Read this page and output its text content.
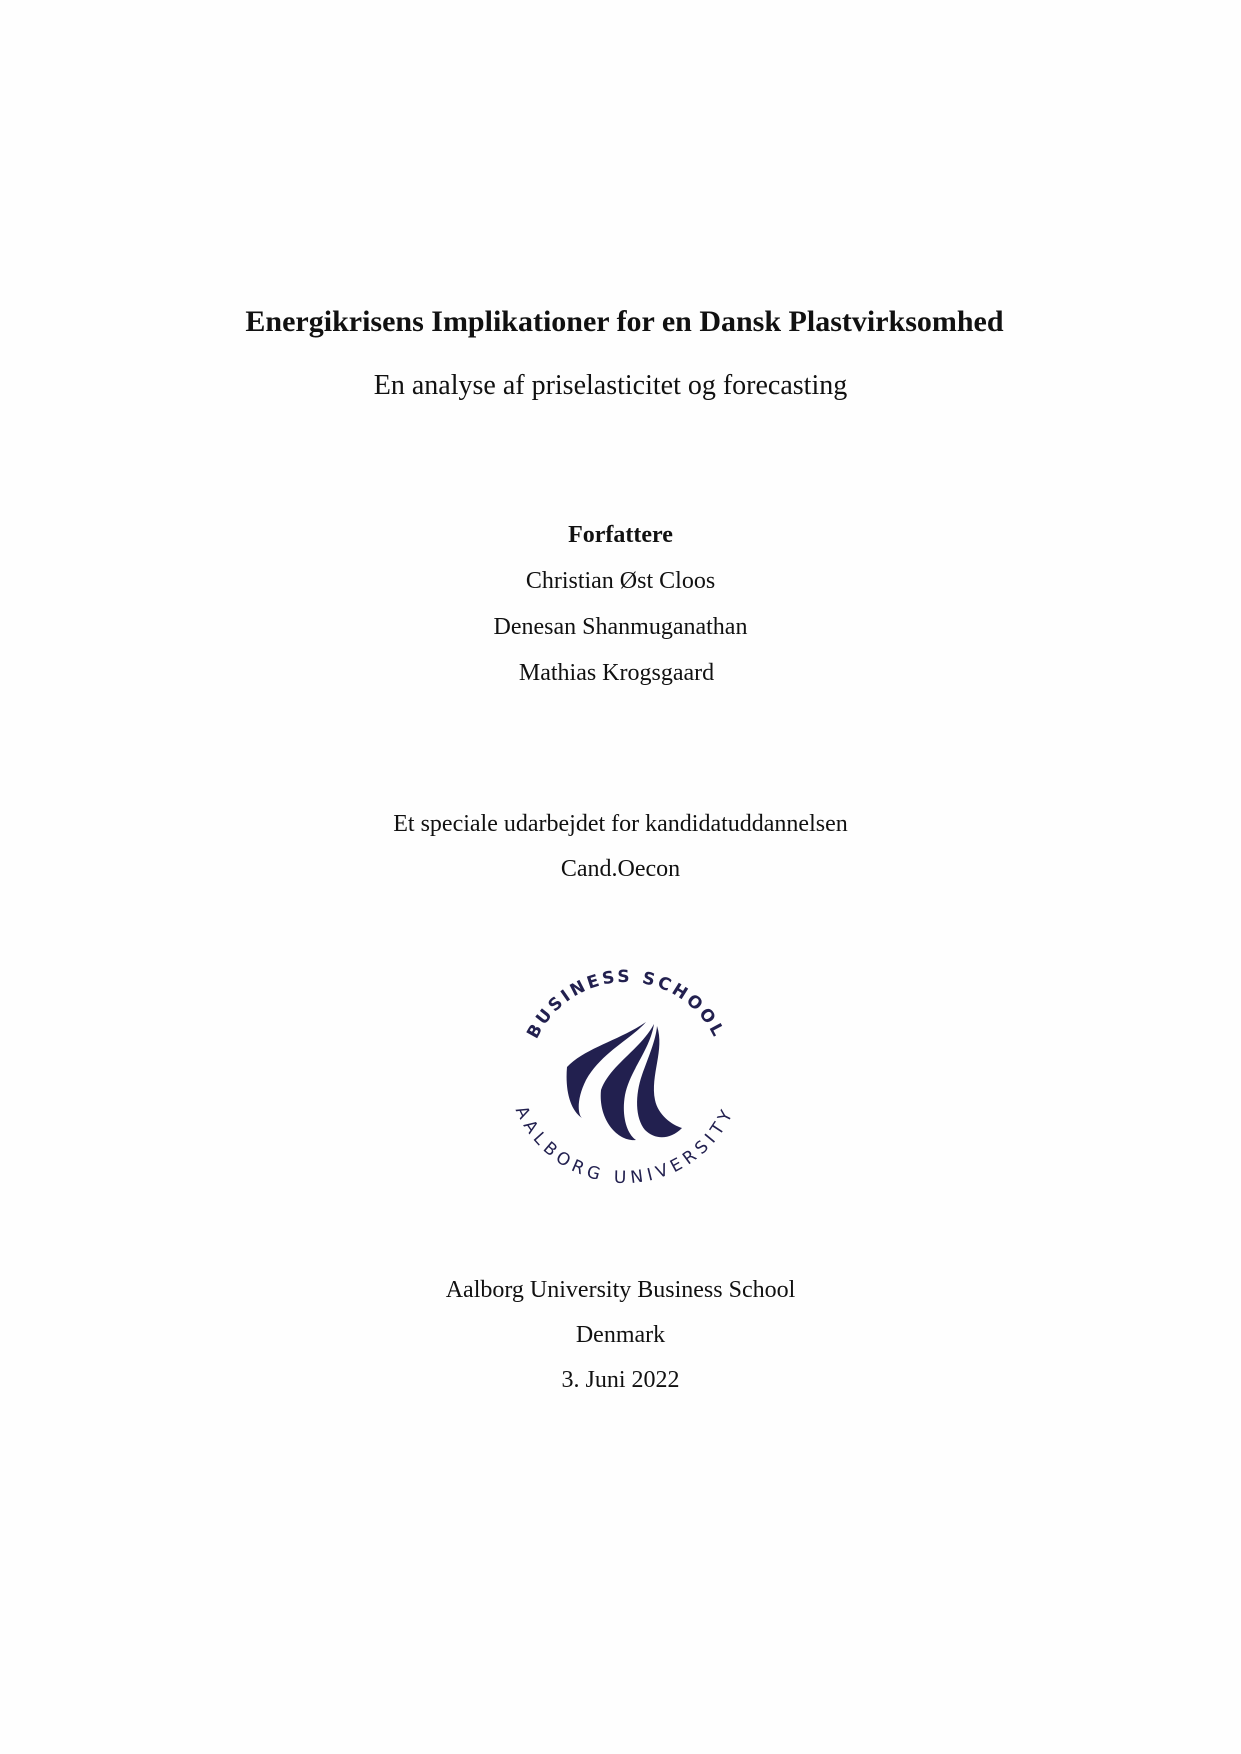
Energikrisens Implikationer for en Dansk Plastvirksomhed
En analyse af priselasticitet og forecasting
Forfattere
Christian Øst Cloos
Denesan Shanmuganathan
Mathias Krogsgaard
Et speciale udarbejdet for kandidatuddannelsen
Cand.Oecon
BUSINESS SCHOOL
AALBORG UNIVERSITY
Aalborg University Business School
Denmark
3. Juni 2022
